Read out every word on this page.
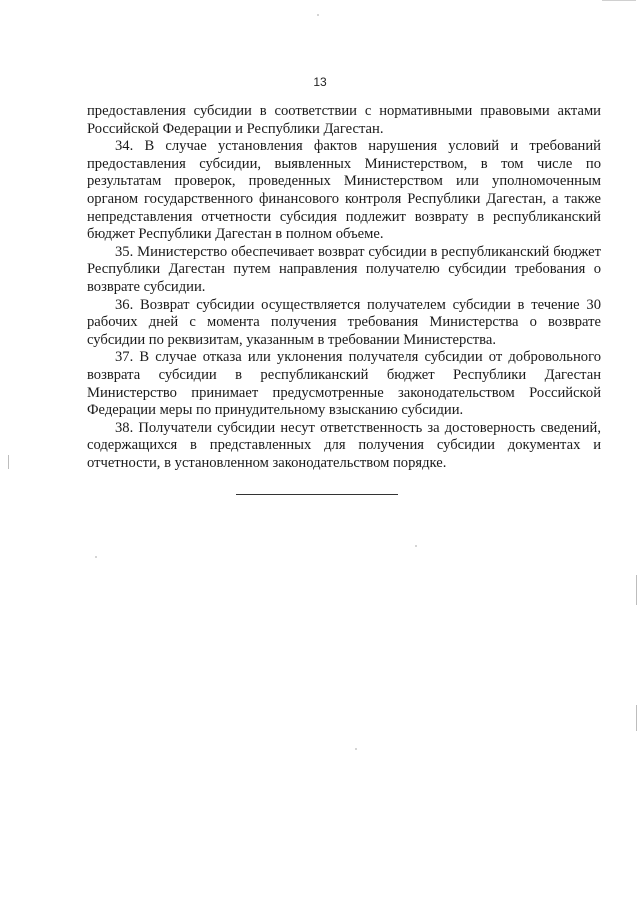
13

предоставления субсидии в соответствии с нормативными правовыми актами Российской Федерации и Республики Дагестан.

34. В случае установления фактов нарушения условий и требований предоставления субсидии, выявленных Министерством, в том числе по результатам проверок, проведенных Министерством или уполномоченным органом государственного финансового контроля Республики Дагестан, а также непредставления отчетности субсидия подлежит возврату в республиканский бюджет Республики Дагестан в полном объеме.

35. Министерство обеспечивает возврат субсидии в республиканский бюджет Республики Дагестан путем направления получателю субсидии требования о возврате субсидии.

36. Возврат субсидии осуществляется получателем субсидии в течение 30 рабочих дней с момента получения требования Министерства о возврате субсидии по реквизитам, указанным в требовании Министерства.

37. В случае отказа или уклонения получателя субсидии от добровольного возврата субсидии в республиканский бюджет Республики Дагестан Министерство принимает предусмотренные законодательством Российской Федерации меры по принудительному взысканию субсидии.

38. Получатели субсидии несут ответственность за достоверность сведений, содержащихся в представленных для получения субсидии документах и отчетности, в установленном законодательством порядке.
